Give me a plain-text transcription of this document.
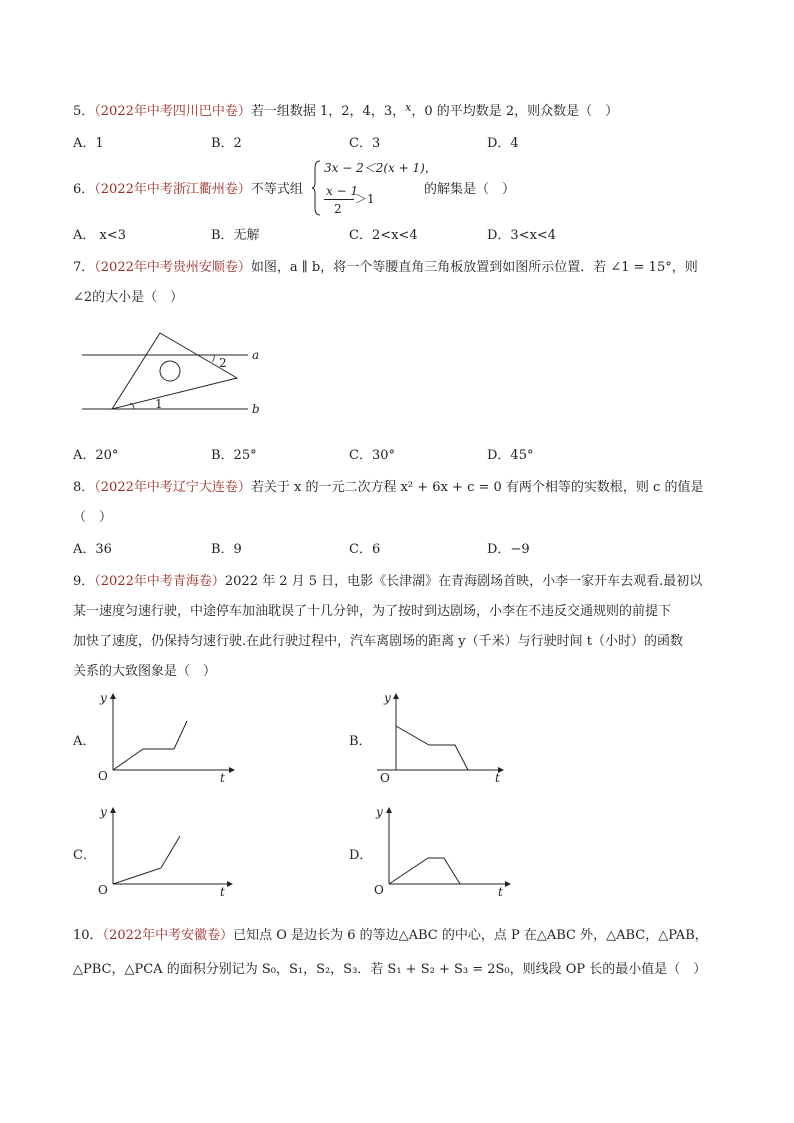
5．（2022年中考四川巴中卷）若一组数据 1，2，4，3，$^x$，0 的平均数是 2，则众数是（　）
A．1	B．2	C．3	D．4
6．（2022年中考浙江衢州卷）不等式组
3x − 2＜2(x + 1)，
x − 1
2
＞1
的解集是（　）
A． x<3	B．无解	C．2<x<4	D．3<x<4
7．（2022年中考贵州安顺卷）如图，a ∥ b，将一个等腰直角三角板放置到如图所示位置．若 ∠1 = 15°，则
∠2的大小是（　）
a
b
1
2
A．20°	B．25°	C．30°	D．45°
8．（2022年中考辽宁大连卷）若关于 x 的一元二次方程 x² + 6x + c = 0 有两个相等的实数根，则 c 的值是
（　）
A．36	B．9	C．6	D．−9
9．（2022年中考青海卷）2022 年 2 月 5 日，电影《长津湖》在青海剧场首映，小李一家开车去观看.最初以
某一速度匀速行驶，中途停车加油耽误了十几分钟，为了按时到达剧场，小李在不违反交通规则的前提下
加快了速度，仍保持匀速行驶.在此行驶过程中，汽车离剧场的距离 y（千米）与行驶时间 t（小时）的函数
关系的大致图象是（　）
A．
O
y
t
B．
O
y
t
C．
O
y
t
D．
O
y
t
10．（2022年中考安徽卷）已知点 O 是边长为 6 的等边△ABC 的中心，点 P 在△ABC 外，△ABC，△PAB，
△PBC，△PCA 的面积分别记为 S₀，S₁，S₂，S₃．若 S₁ + S₂ + S₃ = 2S₀，则线段 OP 长的最小值是（　）
